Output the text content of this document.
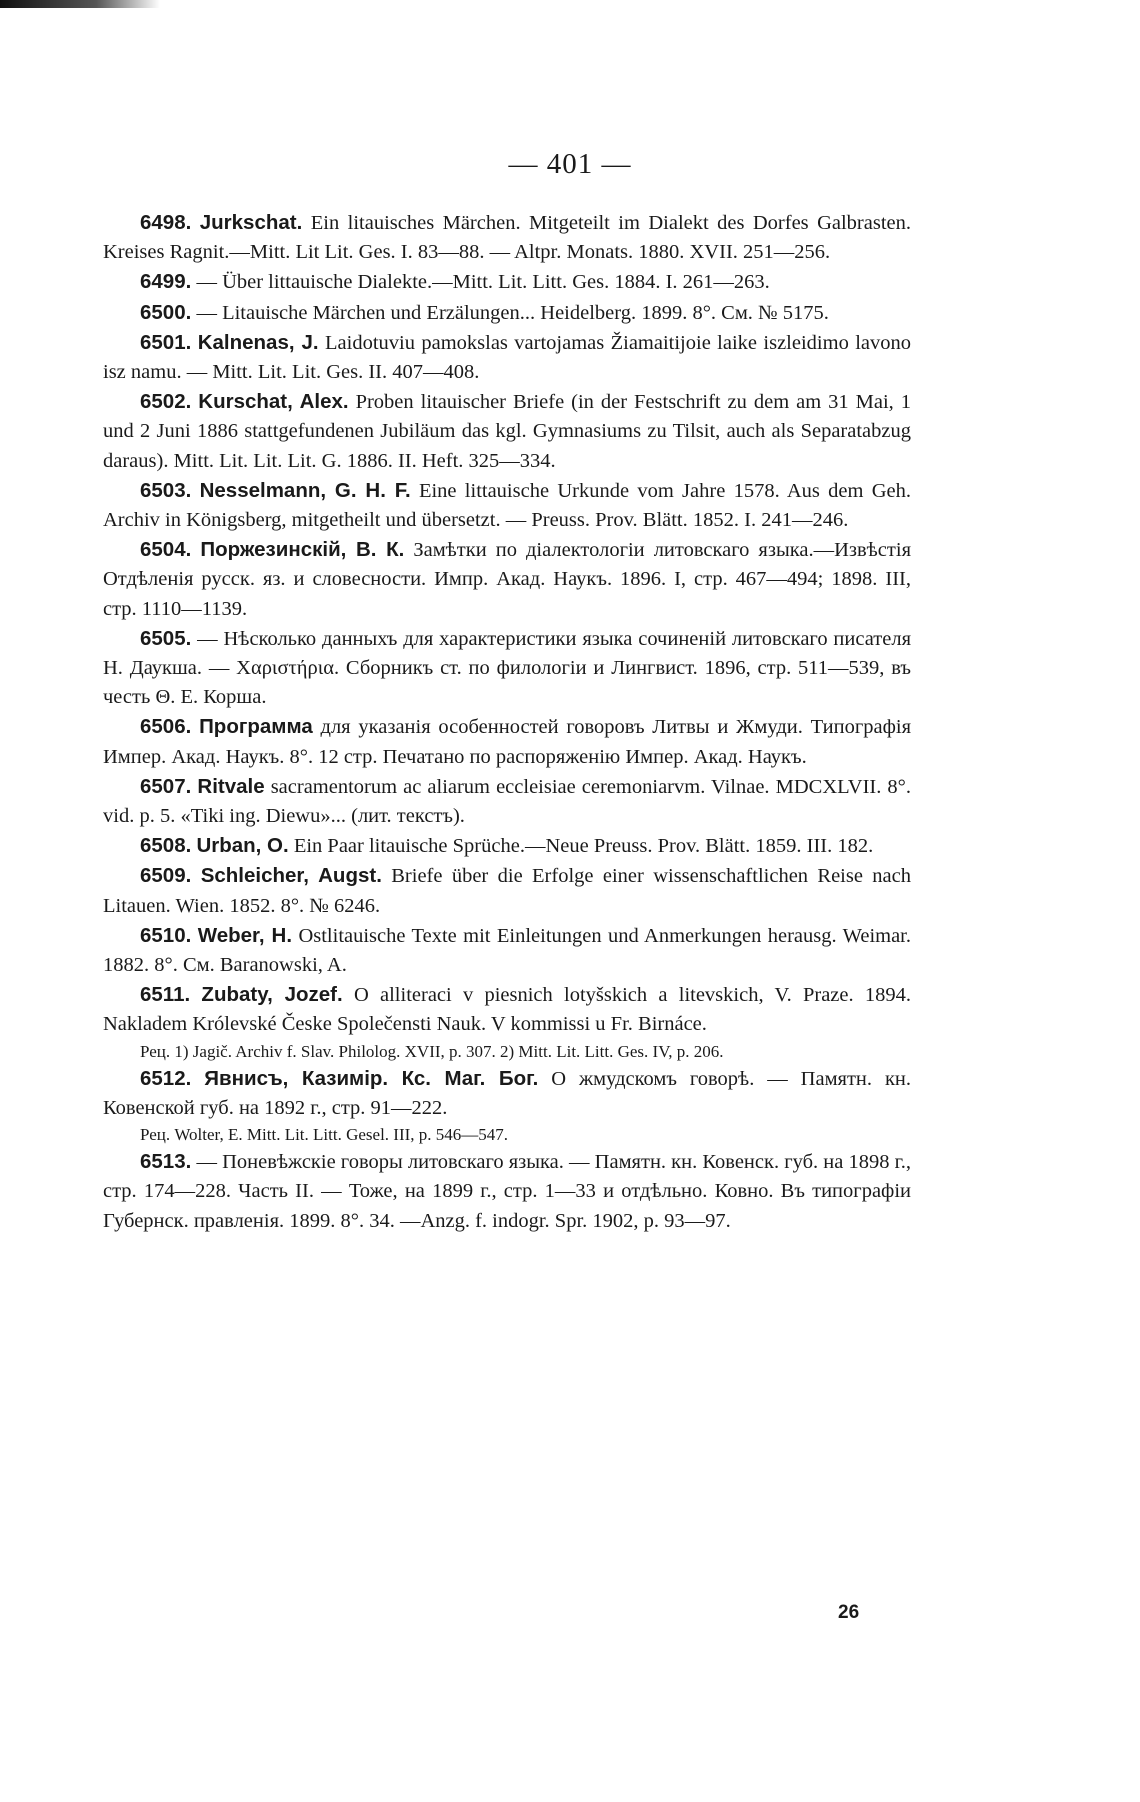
— 401 —

6498. Jurkschat. Ein litauisches Märchen. Mitgeteilt im Dialekt des Dorfes Galbrasten. Kreises Ragnit.—Mitt. Lit Lit. Ges. I. 83—88. — Altpr. Monats. 1880. XVII. 251—256.

6499. — Über littauische Dialekte.—Mitt. Lit. Litt. Ges. 1884. I. 261—263.

6500. — Litauische Märchen und Erzälungen... Heidelberg. 1899. 8°. См. № 5175.

6501. Kalnenas, J. Laidotuviu pamokslas vartojamas Žiamaitijoie laike iszleidimo lavono isz namu. — Mitt. Lit. Lit. Ges. II. 407—408.

6502. Kurschat, Alex. Proben litauischer Briefe (in der Festschrift zu dem am 31 Mai, 1 und 2 Juni 1886 stattgefundenen Jubiläum das kgl. Gymnasiums zu Tilsit, auch als Separatabzug daraus). Mitt. Lit. Lit. Lit. G. 1886. II. Heft. 325—334.

6503. Nesselmann, G. H. F. Eine littauische Urkunde vom Jahre 1578. Aus dem Geh. Archiv in Königsberg, mitgetheilt und übersetzt. — Preuss. Prov. Blätt. 1852. I. 241—246.

6504. Поржезинскій, В. К. Замѣтки по діалектологіи литовскаго языка.—Извѣстія Отдѣленія русск. яз. и словесности. Импр. Акад. Наукъ. 1896. I, стр. 467—494; 1898. III, стр. 1110—1139.

6505. — Нѣсколько данныхъ для характеристики языка сочиненій литовскаго писателя Н. Даукша. — Χαριστήρια. Сборникъ ст. по филологіи и Лингвист. 1896, стр. 511—539, въ честь Θ. Е. Корша.

6506. Программа для указанія особенностей говоровъ Литвы и Жмуди. Типографія Импер. Акад. Наукъ. 8°. 12 стр. Печатано по распоряженію Импер. Акад. Наукъ.

6507. Ritvale sacramentorum ac aliarum eccleisiae ceremoniarvm. Vilnae. MDCXLVII. 8°. vid. p. 5. «Tiki ing. Diewu»... (лит. текстъ).

6508. Urban, O. Ein Paar litauische Sprüche.—Neue Preuss. Prov. Blätt. 1859. III. 182.

6509. Schleicher, Augst. Briefe über die Erfolge einer wissenschaftlichen Reise nach Litauen. Wien. 1852. 8°. № 6246.

6510. Weber, H. Ostlitauische Texte mit Einleitungen und Anmerkungen herausg. Weimar. 1882. 8°. См. Baranowski, A.

6511. Zubaty, Jozef. O alliteraci v piesnich lotyšskich a litevskich, V. Praze. 1894. Nakladem Królevské Česke Společensti Nauk. V kommissi u Fr. Birnáce.

Рец. 1) Jagič. Archiv f. Slav. Philolog. XVII, p. 307. 2) Mitt. Lit. Litt. Ges. IV, p. 206.

6512. Явнисъ, Казиміp. Кс. Маг. Бог. О жмудскомъ говорѣ. — Памятн. кн. Ковенской губ. на 1892 г., стр. 91—222.

Рец. Wolter, E. Mitt. Lit. Litt. Gesel. III, p. 546—547.

6513. — Поневѣжскіе говоры литовскаго языка. — Памятн. кн. Ковенск. губ. на 1898 г., стр. 174—228. Часть II. — Тоже, на 1899 г., стр. 1—33 и отдѣльно. Ковно. Въ типографіи Губернск. правленія. 1899. 8°. 34. —Anzg. f. indogr. Spr. 1902, p. 93—97.

26
